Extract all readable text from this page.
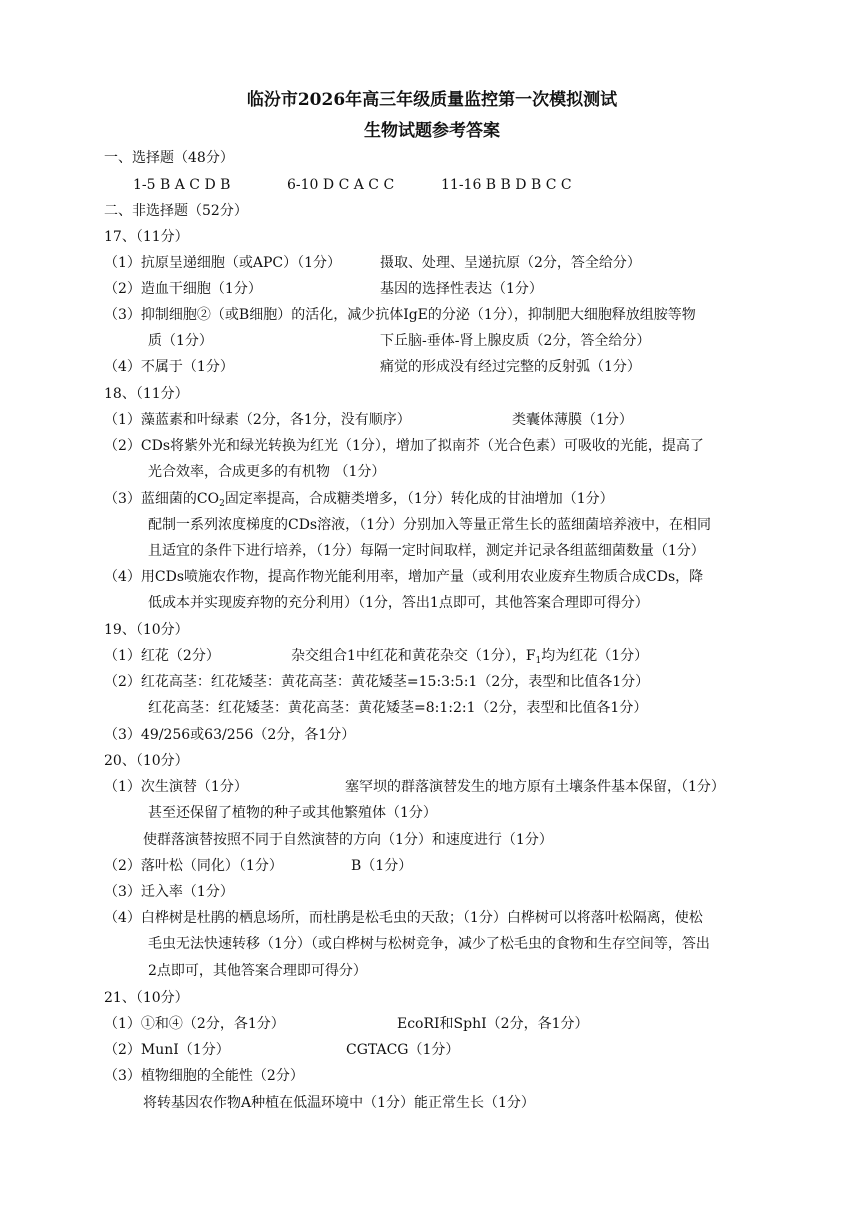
临汾市2026年高三年级质量监控第一次模拟测试
生物试题参考答案
一、选择题（48分）
1-5 B A C D B	6-10 D C A C C	11-16 B B D B C C
二、非选择题（52分）
17、（11分）
（1）抗原呈递细胞（或APC）（1分）	摄取、处理、呈递抗原（2分，答全给分）
（2）造血干细胞（1分）	基因的选择性表达（1分）
（3）抑制细胞②（或B细胞）的活化，减少抗体IgE的分泌（1分），抑制肥大细胞释放组胺等物
质（1分）	下丘脑-垂体-肾上腺皮质（2分，答全给分）
（4）不属于（1分）	痛觉的形成没有经过完整的反射弧（1分）
18、（11分）
（1）藻蓝素和叶绿素（2分，各1分，没有顺序）	类囊体薄膜（1分）
（2）CDs将紫外光和绿光转换为红光（1分），增加了拟南芥（光合色素）可吸收的光能，提高了
光合效率，合成更多的有机物 （1分）
（3）蓝细菌的$CO_2$固定率提高，合成糖类增多，（1分）转化成的甘油增加（1分）
配制一系列浓度梯度的CDs溶液，（1分）分别加入等量正常生长的蓝细菌培养液中，在相同
且适宜的条件下进行培养，（1分）每隔一定时间取样，测定并记录各组蓝细菌数量（1分）
（4）用CDs喷施农作物，提高作物光能利用率，增加产量（或利用农业废弃生物质合成CDs，降
低成本并实现废弃物的充分利用）（1分，答出1点即可，其他答案合理即可得分）
19、（10分）
（1）红花（2分）	杂交组合1中红花和黄花杂交（1分），$F_1$均为红花（1分）
（2）红花高茎：红花矮茎：黄花高茎：黄花矮茎=15:3:5:1（2分，表型和比值各1分）
红花高茎：红花矮茎：黄花高茎：黄花矮茎=8:1:2:1（2分，表型和比值各1分）
（3）49/256或63/256（2分，各1分）
20、（10分）
（1）次生演替（1分）	塞罕坝的群落演替发生的地方原有土壤条件基本保留，（1分）
甚至还保留了植物的种子或其他繁殖体（1分）
使群落演替按照不同于自然演替的方向（1分）和速度进行（1分）
（2）落叶松（同化）（1分）	B（1分）
（3）迁入率（1分）
（4）白桦树是杜鹃的栖息场所，而杜鹃是松毛虫的天敌；（1分）白桦树可以将落叶松隔离，使松
毛虫无法快速转移（1分）（或白桦树与松树竞争，减少了松毛虫的食物和生存空间等，答出
2点即可，其他答案合理即可得分）
21、（10分）
（1）①和④（2分，各1分）	EcoRI和SphI（2分，各1分）
（2）MunI（1分）	CGTACG（1分）
（3）植物细胞的全能性（2分）
将转基因农作物A种植在低温环境中（1分）能正常生长（1分）
